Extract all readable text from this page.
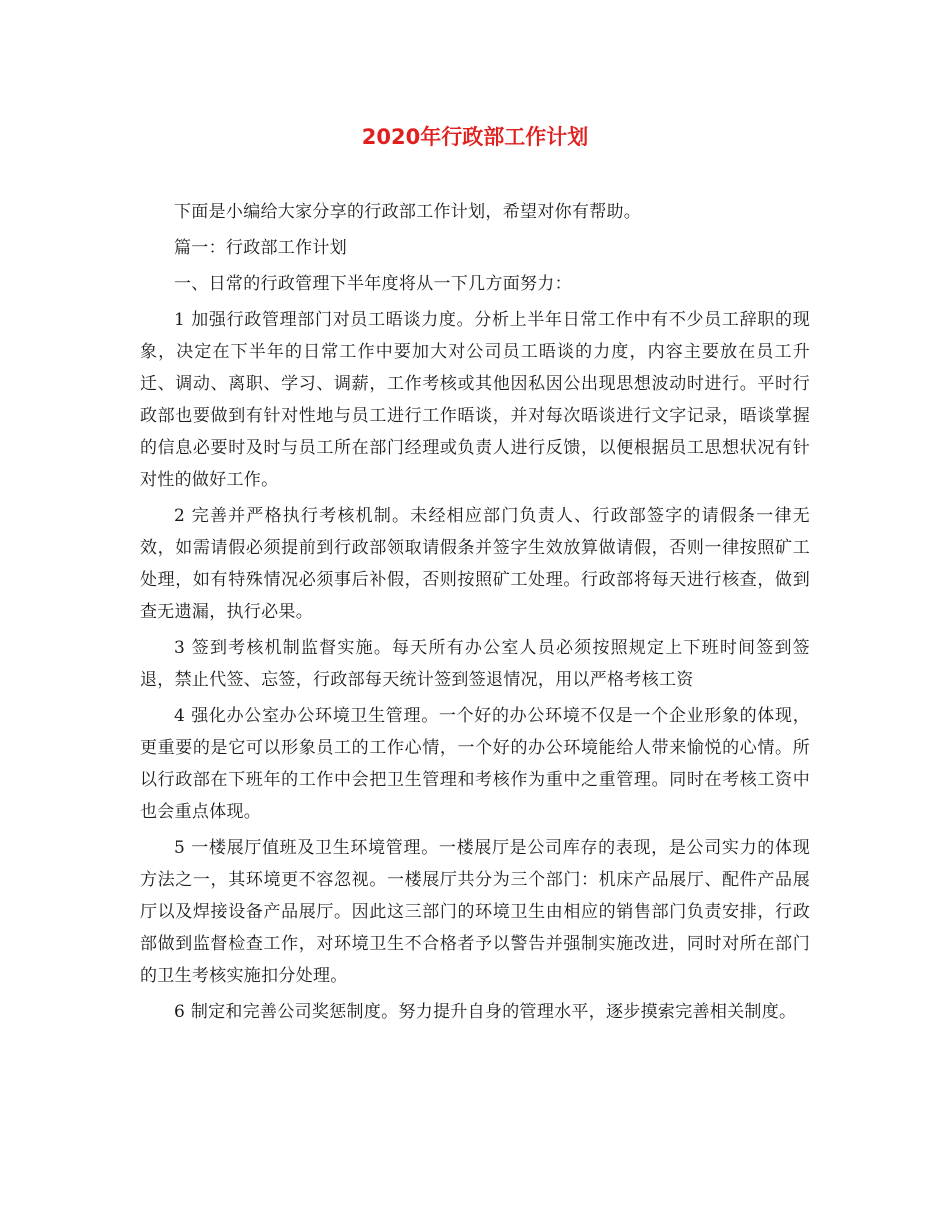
2020年行政部工作计划

下面是小编给大家分享的行政部工作计划，希望对你有帮助。

篇一：行政部工作计划

一、日常的行政管理下半年度将从一下几方面努力：

1 加强行政管理部门对员工晤谈力度。分析上半年日常工作中有不少员工辞职的现象，决定在下半年的日常工作中要加大对公司员工晤谈的力度，内容主要放在员工升迁、调动、离职、学习、调薪，工作考核或其他因私因公出现思想波动时进行。平时行政部也要做到有针对性地与员工进行工作晤谈，并对每次晤谈进行文字记录，晤谈掌握的信息必要时及时与员工所在部门经理或负责人进行反馈，以便根据员工思想状况有针对性的做好工作。

2 完善并严格执行考核机制。未经相应部门负责人、行政部签字的请假条一律无效，如需请假必须提前到行政部领取请假条并签字生效放算做请假，否则一律按照矿工处理，如有特殊情况必须事后补假，否则按照矿工处理。行政部将每天进行核查，做到查无遗漏，执行必果。

3 签到考核机制监督实施。每天所有办公室人员必须按照规定上下班时间签到签退，禁止代签、忘签，行政部每天统计签到签退情况，用以严格考核工资

4 强化办公室办公环境卫生管理。一个好的办公环境不仅是一个企业形象的体现，更重要的是它可以形象员工的工作心情，一个好的办公环境能给人带来愉悦的心情。所以行政部在下班年的工作中会把卫生管理和考核作为重中之重管理。同时在考核工资中也会重点体现。

5 一楼展厅值班及卫生环境管理。一楼展厅是公司库存的表现，是公司实力的体现方法之一，其环境更不容忽视。一楼展厅共分为三个部门：机床产品展厅、配件产品展厅以及焊接设备产品展厅。因此这三部门的环境卫生由相应的销售部门负责安排，行政部做到监督检查工作，对环境卫生不合格者予以警告并强制实施改进，同时对所在部门的卫生考核实施扣分处理。

6 制定和完善公司奖惩制度。努力提升自身的管理水平，逐步摸索完善相关制度。
